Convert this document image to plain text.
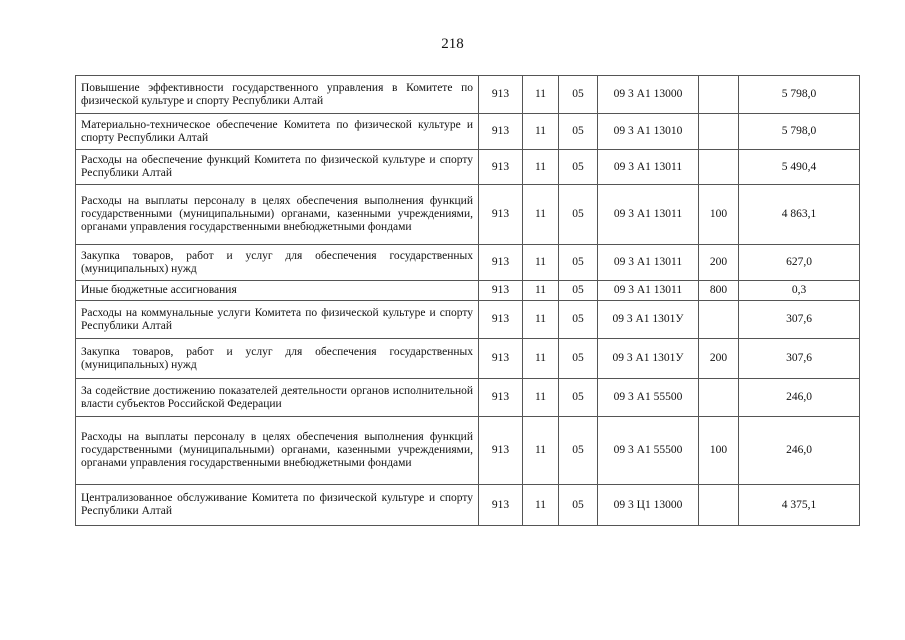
218
Повышение эффективности государственного управления в Комитете по физической культуре и спорту Республики Алтай	913	11	05	09 3 А1 13000		5 798,0
Материально-техническое обеспечение Комитета по физической культуре и спорту Республики Алтай	913	11	05	09 3 А1 13010		5 798,0
Расходы на обеспечение функций Комитета по физической культуре и спорту Республики Алтай	913	11	05	09 3 А1 13011		5 490,4
Расходы на выплаты персоналу в целях обеспечения выполнения функций государственными (муниципальными) органами, казенными учреждениями, органами управления государственными внебюджетными фондами	913	11	05	09 3 А1 13011	100	4 863,1
Закупка товаров, работ и услуг для обеспечения государственных (муниципальных) нужд	913	11	05	09 3 А1 13011	200	627,0
Иные бюджетные ассигнования	913	11	05	09 3 А1 13011	800	0,3
Расходы на коммунальные услуги Комитета по физической культуре и спорту Республики Алтай	913	11	05	09 3 А1 1301У		307,6
Закупка товаров, работ и услуг для обеспечения государственных (муниципальных) нужд	913	11	05	09 3 А1 1301У	200	307,6
За содействие достижению показателей деятельности органов исполнительной власти субъектов Российской Федерации	913	11	05	09 3 А1 55500		246,0
Расходы на выплаты персоналу в целях обеспечения выполнения функций государственными (муниципальными) органами, казенными учреждениями, органами управления государственными внебюджетными фондами	913	11	05	09 3 А1 55500	100	246,0
Централизованное обслуживание Комитета по физической культуре и спорту Республики Алтай	913	11	05	09 3 Ц1 13000		4 375,1
